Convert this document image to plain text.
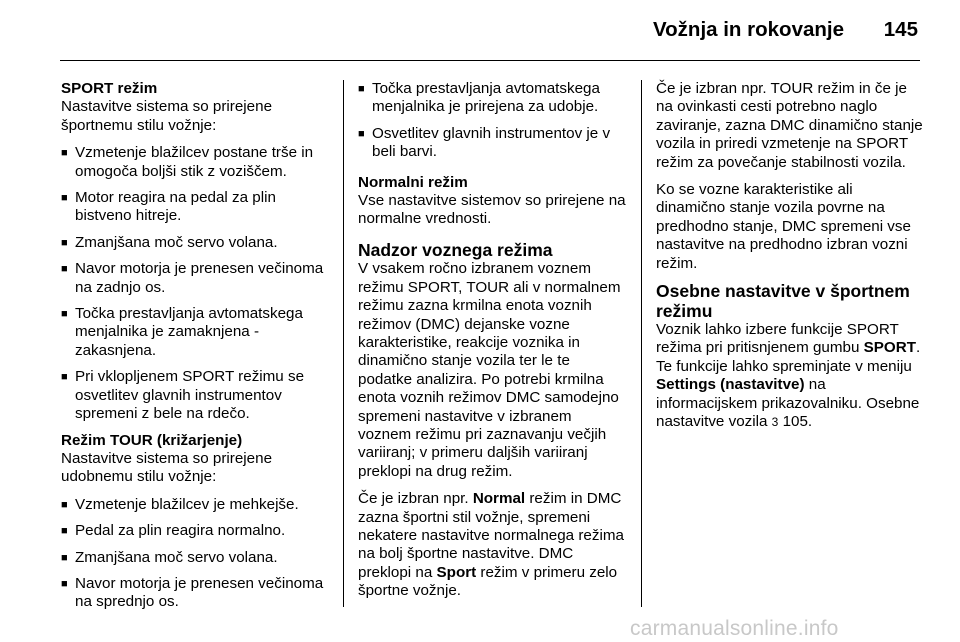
Vožnja in rokovanje 145
SPORT režim
Nastavitve sistema so prirejene športnemu stilu vožnje:
■ Vzmetenje blažilcev postane trše in omogoča boljši stik z voziščem.
■ Motor reagira na pedal za plin bistveno hitreje.
■ Zmanjšana moč servo volana.
■ Navor motorja je prenesen večinoma na zadnjo os.
■ Točka prestavljanja avtomatskega menjalnika je zamaknjena - zakasnjena.
■ Pri vklopljenem SPORT režimu se osvetlitev glavnih instrumentov spremeni z bele na rdečo.
Režim TOUR (križarjenje)
Nastavitve sistema so prirejene udobnemu stilu vožnje:
■ Vzmetenje blažilcev je mehkejše.
■ Pedal za plin reagira normalno.
■ Zmanjšana moč servo volana.
■ Navor motorja je prenesen večinoma na sprednjo os.
■ Točka prestavljanja avtomatskega menjalnika je prirejena za udobje.
■ Osvetlitev glavnih instrumentov je v beli barvi.
Normalni režim
Vse nastavitve sistemov so prirejene na normalne vrednosti.
Nadzor voznega režima
V vsakem ročno izbranem voznem režimu SPORT, TOUR ali v normalnem režimu zazna krmilna enota voznih režimov (DMC) dejanske vozne karakteristike, reakcije voznika in dinamično stanje vozila ter le te podatke analizira. Po potrebi krmilna enota voznih režimov DMC samodejno spremeni nastavitve v izbranem voznem režimu pri zaznavanju večjih variiranj; v primeru daljših variiranj preklopi na drug režim.
Če je izbran npr. Normal režim in DMC zazna športni stil vožnje, spremeni nekatere nastavitve normalnega režima na bolj športne nastavitve. DMC preklopi na Sport režim v primeru zelo športne vožnje.
Če je izbran npr. TOUR režim in če je na ovinkasti cesti potrebno naglo zaviranje, zazna DMC dinamično stanje vozila in priredi vzmetenje na SPORT režim za povečanje stabilnosti vozila.
Ko se vozne karakteristike ali dinamično stanje vozila povrne na predhodno stanje, DMC spremeni vse nastavitve na predhodno izbran vozni režim.
Osebne nastavitve v športnem režimu
Voznik lahko izbere funkcije SPORT režima pri pritisnjenem gumbu SPORT. Te funkcije lahko spreminjate v meniju Settings (nastavitve) na informacijskem prikazovalniku. Osebne nastavitve vozila 3 105.
carmanualsonline.info
